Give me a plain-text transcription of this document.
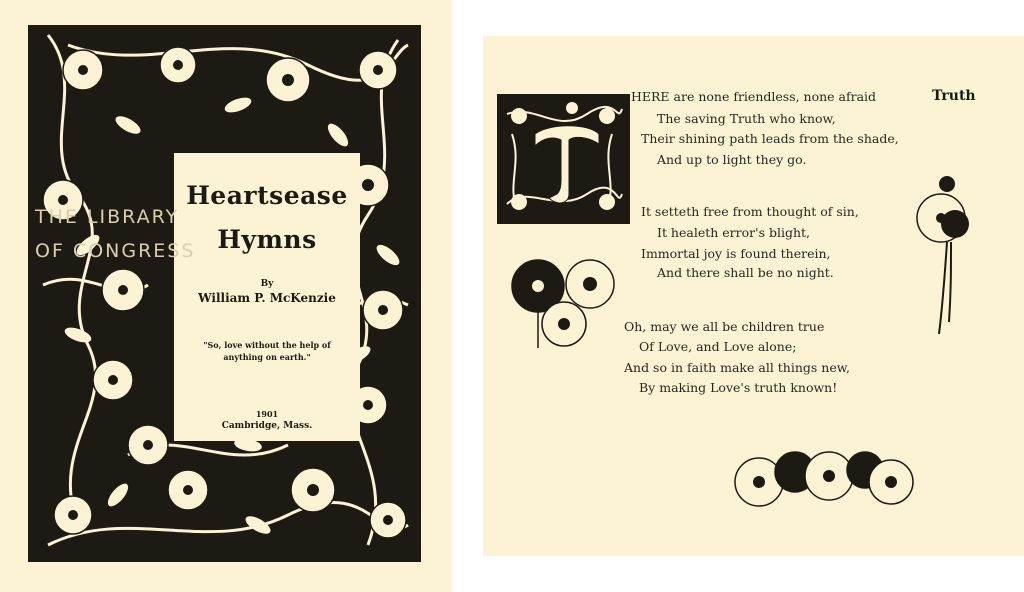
Heartsease
Hymns
By
William P. McKenzie
"So, love without the help of anything on earth."
1901
Cambridge, Mass.
THE LIBRARY
OF CONGRESS
Truth
HERE are none friendless, none afraid
The saving Truth who know,
Their shining path leads from the shade,
And up to light they go.
It setteth free from thought of sin,
It healeth error's blight,
Immortal joy is found therein,
And there shall be no night.
Oh, may we all be children true
Of Love, and Love alone;
And so in faith make all things new,
By making Love's truth known!
